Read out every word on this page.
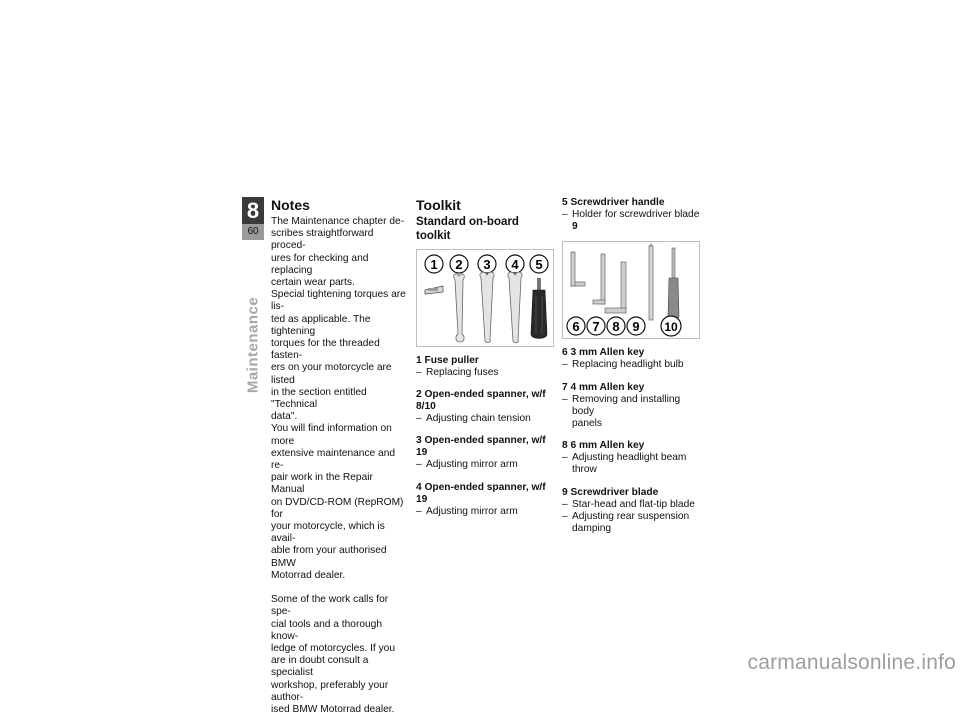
8
60
Maintenance
Notes

The Maintenance chapter de-
scribes straightforward proced-
ures for checking and replacing
certain wear parts.

Special tightening torques are lis-
ted as applicable. The tightening
torques for the threaded fasten-
ers on your motorcycle are listed
in the section entitled "Technical
data".

You will find information on more
extensive maintenance and re-
pair work in the Repair Manual
on DVD/CD-ROM (RepROM) for
your motorcycle, which is avail-
able from your authorised BMW
Motorrad dealer.

Some of the work calls for spe-
cial tools and a thorough know-
ledge of motorcycles. If you
are in doubt consult a specialist
workshop, preferably your author-
ised BMW Motorrad dealer.

Toolkit
Standard on-board toolkit
1 2 3 4 5

1 Fuse puller

– Replacing fuses

2 Open-ended spanner, w/f
8/10

– Adjusting chain tension

3 Open-ended spanner, w/f
19

– Adjusting mirror arm

4 Open-ended spanner, w/f
19

– Adjusting mirror arm

5 Screwdriver handle

– Holder for screwdriver blade 9

6 7 8 9 10

6 3 mm Allen key

– Replacing headlight bulb

7 4 mm Allen key

– Removing and installing body
panels

8 6 mm Allen key

– Adjusting headlight beam throw

9 Screwdriver blade

– Star-head and flat-tip blade

– Adjusting rear suspension
damping

carmanualsonline.info
